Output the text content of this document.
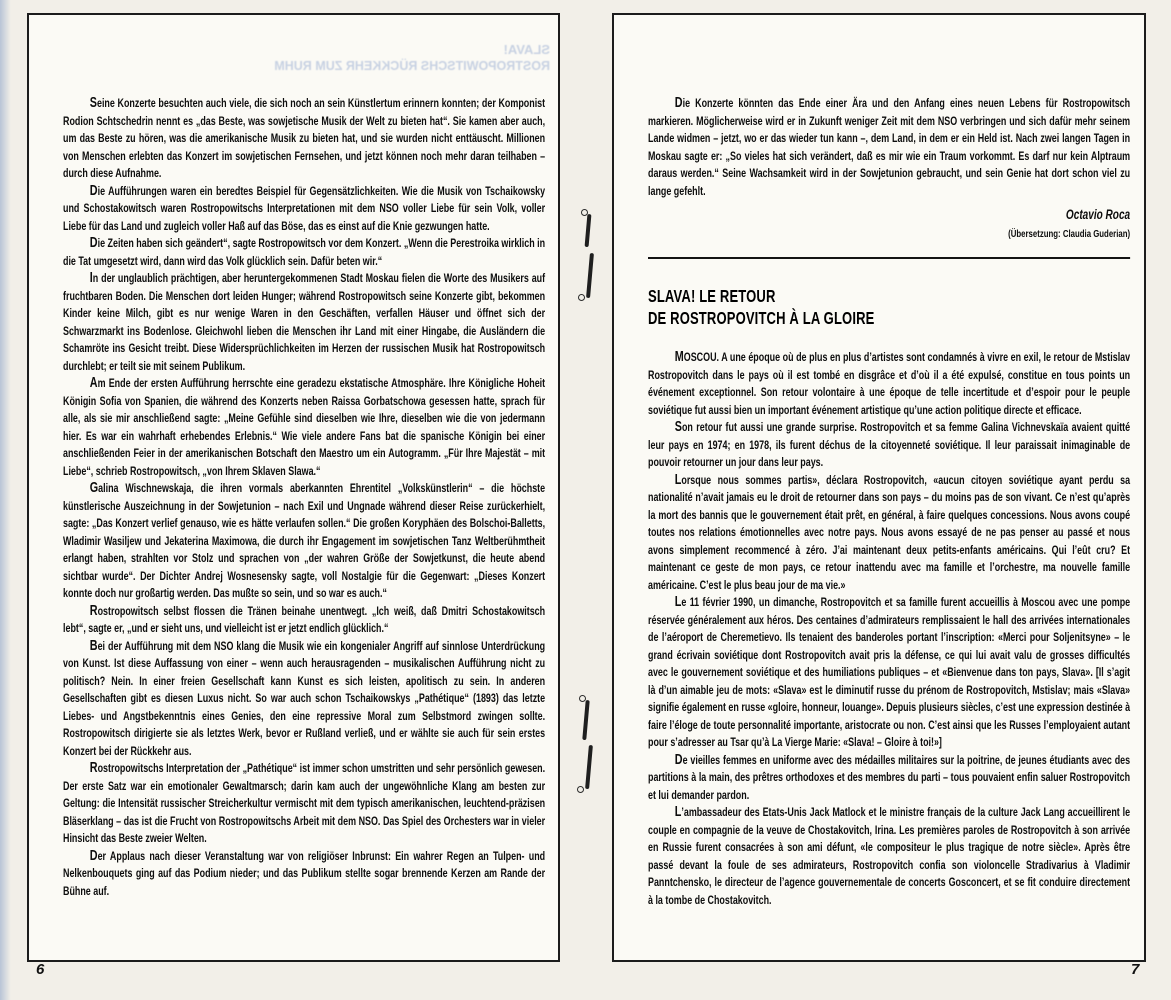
SLAVA!
ROSTROPOWITSCHS RÜCKKEHR ZUM RUHM

Seine Konzerte besuchten auch viele, die sich noch an sein Künstlertum erinnern konnten; der Komponist Rodion Schtschedrin nennt es „das Beste, was sowjetische Musik der Welt zu bieten hat“. Sie kamen aber auch, um das Beste zu hören, was die amerikanische Musik zu bieten hat, und sie wurden nicht enttäuscht. Millionen von Menschen erlebten das Konzert im sowjetischen Fernsehen, und jetzt können noch mehr daran teilhaben – durch diese Aufnahme.

Die Aufführungen waren ein beredtes Beispiel für Gegensätzlichkeiten. Wie die Musik von Tschaikowsky und Schostakowitsch waren Rostropowitschs Interpretationen mit dem NSO voller Liebe für sein Volk, voller Liebe für das Land und zugleich voller Haß auf das Böse, das es einst auf die Knie gezwungen hatte.

Die Zeiten haben sich geändert“, sagte Rostropowitsch vor dem Konzert. „Wenn die Perestroika wirklich in die Tat umgesetzt wird, dann wird das Volk glücklich sein. Dafür beten wir.“

In der unglaublich prächtigen, aber heruntergekommenen Stadt Moskau fielen die Worte des Musikers auf fruchtbaren Boden. Die Menschen dort leiden Hunger; während Rostropowitsch seine Konzerte gibt, bekommen Kinder keine Milch, gibt es nur wenige Waren in den Geschäften, verfallen Häuser und öffnet sich der Schwarzmarkt ins Bodenlose. Gleichwohl lieben die Menschen ihr Land mit einer Hingabe, die Ausländern die Schamröte ins Gesicht treibt. Diese Widersprüchlichkeiten im Herzen der russischen Musik hat Rostropowitsch durchlebt; er teilt sie mit seinem Publikum.

Am Ende der ersten Aufführung herrschte eine geradezu ekstatische Atmosphäre. Ihre Königliche Hoheit Königin Sofia von Spanien, die während des Konzerts neben Raissa Gorbatschowa gesessen hatte, sprach für alle, als sie mir anschließend sagte: „Meine Gefühle sind dieselben wie Ihre, dieselben wie die von jedermann hier. Es war ein wahrhaft erhebendes Erlebnis.“ Wie viele andere Fans bat die spanische Königin bei einer anschließenden Feier in der amerikanischen Botschaft den Maestro um ein Autogramm. „Für Ihre Majestät – mit Liebe“, schrieb Rostropowitsch, „von Ihrem Sklaven Slawa.“

Galina Wischnewskaja, die ihren vormals aberkannten Ehrentitel „Volkskünstlerin“ – die höchste künstlerische Auszeichnung in der Sowjetunion – nach Exil und Ungnade während dieser Reise zurückerhielt, sagte: „Das Konzert verlief genauso, wie es hätte verlaufen sollen.“ Die großen Koryphäen des Bolschoi-Balletts, Wladimir Wasiljew und Jekaterina Maximowa, die durch ihr Engagement im sowjetischen Tanz Weltberühmtheit erlangt haben, strahlten vor Stolz und sprachen von „der wahren Größe der Sowjetkunst, die heute abend sichtbar wurde“. Der Dichter Andrej Wosnesensky sagte, voll Nostalgie für die Gegenwart: „Dieses Konzert konnte doch nur großartig werden. Das mußte so sein, und so war es auch.“

Rostropowitsch selbst flossen die Tränen beinahe unentwegt. „Ich weiß, daß Dmitri Schostakowitsch lebt“, sagte er, „und er sieht uns, und vielleicht ist er jetzt endlich glücklich.“

Bei der Aufführung mit dem NSO klang die Musik wie ein kongenialer Angriff auf sinnlose Unterdrückung von Kunst. Ist diese Auffassung von einer – wenn auch herausragenden – musikalischen Aufführung nicht zu politisch? Nein. In einer freien Gesellschaft kann Kunst es sich leisten, apolitisch zu sein. In anderen Gesellschaften gibt es diesen Luxus nicht. So war auch schon Tschaikowskys „Pathétique“ (1893) das letzte Liebes- und Angstbekenntnis eines Genies, den eine repressive Moral zum Selbstmord zwingen sollte. Rostropowitsch dirigierte sie als letztes Werk, bevor er Rußland verließ, und er wählte sie auch für sein erstes Konzert bei der Rückkehr aus.

Rostropowitschs Interpretation der „Pathétique“ ist immer schon umstritten und sehr persönlich gewesen. Der erste Satz war ein emotionaler Gewaltmarsch; darin kam auch der ungewöhnliche Klang am besten zur Geltung: die Intensität russischer Streicherkultur vermischt mit dem typisch amerikanischen, leuchtend-präzisen Bläserklang – das ist die Frucht von Rostropowitschs Arbeit mit dem NSO. Das Spiel des Orchesters war in vieler Hinsicht das Beste zweier Welten.

Der Applaus nach dieser Veranstaltung war von religiöser Inbrunst: Ein wahrer Regen an Tulpen- und Nelkenbouquets ging auf das Podium nieder; und das Publikum stellte sogar brennende Kerzen am Rande der Bühne auf.

Die Konzerte könnten das Ende einer Ära und den Anfang eines neuen Lebens für Rostropowitsch markieren. Möglicherweise wird er in Zukunft weniger Zeit mit dem NSO verbringen und sich dafür mehr seinem Lande widmen – jetzt, wo er das wieder tun kann –, dem Land, in dem er ein Held ist. Nach zwei langen Tagen in Moskau sagte er: „So vieles hat sich verändert, daß es mir wie ein Traum vorkommt. Es darf nur kein Alptraum daraus werden.“ Seine Wachsamkeit wird in der Sowjetunion gebraucht, und sein Genie hat dort schon viel zu lange gefehlt.

Octavio Roca
(Übersetzung: Claudia Guderian)
SLAVA! LE RETOUR
DE ROSTROPOVITCH À LA GLOIRE

MOSCOU. A une époque où de plus en plus d’artistes sont condamnés à vivre en exil, le retour de Mstislav Rostropovitch dans le pays où il est tombé en disgrâce et d’où il a été expulsé, constitue en tous points un événement exceptionnel. Son retour volontaire à une époque de telle incertitude et d’espoir pour le peuple soviétique fut aussi bien un important événement artistique qu’une action politique directe et efficace.

Son retour fut aussi une grande surprise. Rostropovitch et sa femme Galina Vichnevskaïa avaient quitté leur pays en 1974; en 1978, ils furent déchus de la citoyenneté soviétique. Il leur paraissait inimaginable de pouvoir retourner un jour dans leur pays.

Lorsque nous sommes partis», déclara Rostropovitch, «aucun citoyen soviétique ayant perdu sa nationalité n’avait jamais eu le droit de retourner dans son pays – du moins pas de son vivant. Ce n’est qu’après la mort des bannis que le gouvernement était prêt, en général, à faire quelques concessions. Nous avons coupé toutes nos relations émotionnelles avec notre pays. Nous avons essayé de ne pas penser au passé et nous avons simplement recommencé à zéro. J’ai maintenant deux petits-enfants américains. Qui l’eût cru? Et maintenant ce geste de mon pays, ce retour inattendu avec ma famille et l’orchestre, ma nouvelle famille américaine. C’est le plus beau jour de ma vie.»

Le 11 février 1990, un dimanche, Rostropovitch et sa famille furent accueillis à Moscou avec une pompe réservée généralement aux héros. Des centaines d’admirateurs remplissaient le hall des arrivées internationales de l’aéroport de Cheremetievo. Ils tenaient des banderoles portant l’inscription: «Merci pour Soljenitsyne» – le grand écrivain soviétique dont Rostropovitch avait pris la défense, ce qui lui avait valu de grosses difficultés avec le gouvernement soviétique et des humiliations publiques – et «Bienvenue dans ton pays, Slava». [Il s’agit là d’un aimable jeu de mots: «Slava» est le diminutif russe du prénom de Rostropovitch, Mstislav; mais «Slava» signifie également en russe «gloire, honneur, louange». Depuis plusieurs siècles, c’est une expression destinée à faire l’éloge de toute personnalité importante, aristocrate ou non. C’est ainsi que les Russes l’employaient autant pour s’adresser au Tsar qu’à La Vierge Marie: «Slava! – Gloire à toi!»]

De vieilles femmes en uniforme avec des médailles militaires sur la poitrine, de jeunes étudiants avec des partitions à la main, des prêtres orthodoxes et des membres du parti – tous pouvaient enfin saluer Rostropovitch et lui demander pardon.

L’ambassadeur des Etats-Unis Jack Matlock et le ministre français de la culture Jack Lang accueillirent le couple en compagnie de la veuve de Chostakovitch, Irina. Les premières paroles de Rostropovitch à son arrivée en Russie furent consacrées à son ami défunt, «le compositeur le plus tragique de notre siècle». Après être passé devant la foule de ses admirateurs, Rostropovitch confia son violoncelle Stradivarius à Vladimir Panntchensko, le directeur de l’agence gouvernementale de concerts Gosconcert, et se fit conduire directement à la tombe de Chostakovitch.

6	7
